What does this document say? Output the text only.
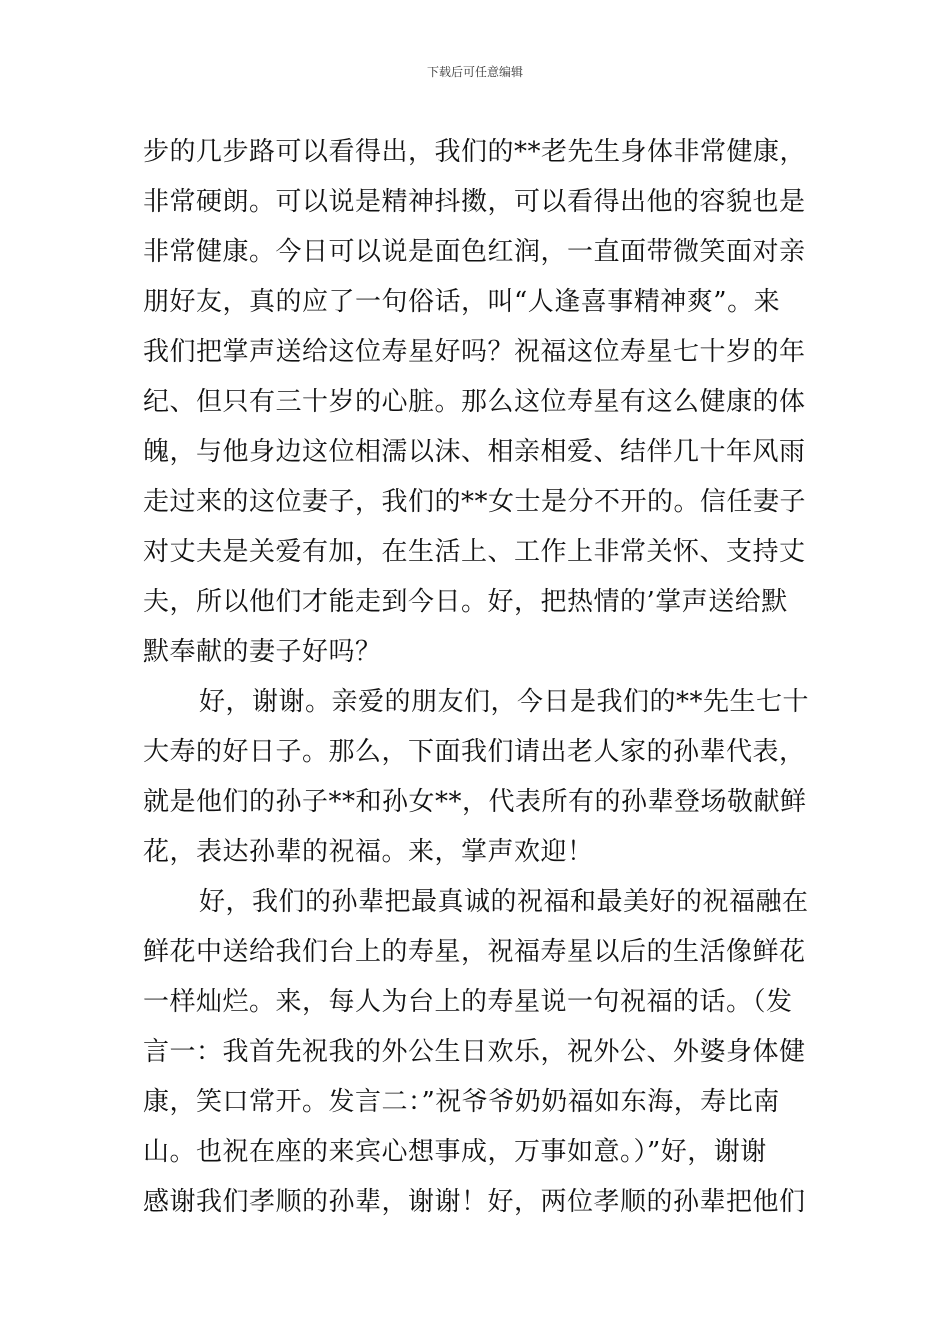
下载后可任意编辑
步的几步路可以看得出，我们的**老先生身体非常健康，
非常硬朗。可以说是精神抖擞，可以看得出他的容貌也是
非常健康。今日可以说是面色红润，一直面带微笑面对亲
朋好友，真的应了一句俗话，叫“人逢喜事精神爽”。来
我们把掌声送给这位寿星好吗？祝福这位寿星七十岁的年
纪、但只有三十岁的心脏。那么这位寿星有这么健康的体
魄，与他身边这位相濡以沫、相亲相爱、结伴几十年风雨
走过来的这位妻子，我们的**女士是分不开的。信任妻子
对丈夫是关爱有加，在生活上、工作上非常关怀、支持丈
夫，所以他们才能走到今日。好，把热情的’掌声送给默
默奉献的妻子好吗？
好，谢谢。亲爱的朋友们，今日是我们的**先生七十
大寿的好日子。那么，下面我们请出老人家的孙辈代表，
就是他们的孙子**和孙女**，代表所有的孙辈登场敬献鲜
花，表达孙辈的祝福。来，掌声欢迎！
好，我们的孙辈把最真诚的祝福和最美好的祝福融在
鲜花中送给我们台上的寿星，祝福寿星以后的生活像鲜花
一样灿烂。来，每人为台上的寿星说一句祝福的话。（发
言一：我首先祝我的外公生日欢乐，祝外公、外婆身体健
康，笑口常开。发言二：”祝爷爷奶奶福如东海，寿比南
山。也祝在座的来宾心想事成，万事如意。）”好，谢谢
感谢我们孝顺的孙辈，谢谢！好，两位孝顺的孙辈把他们
